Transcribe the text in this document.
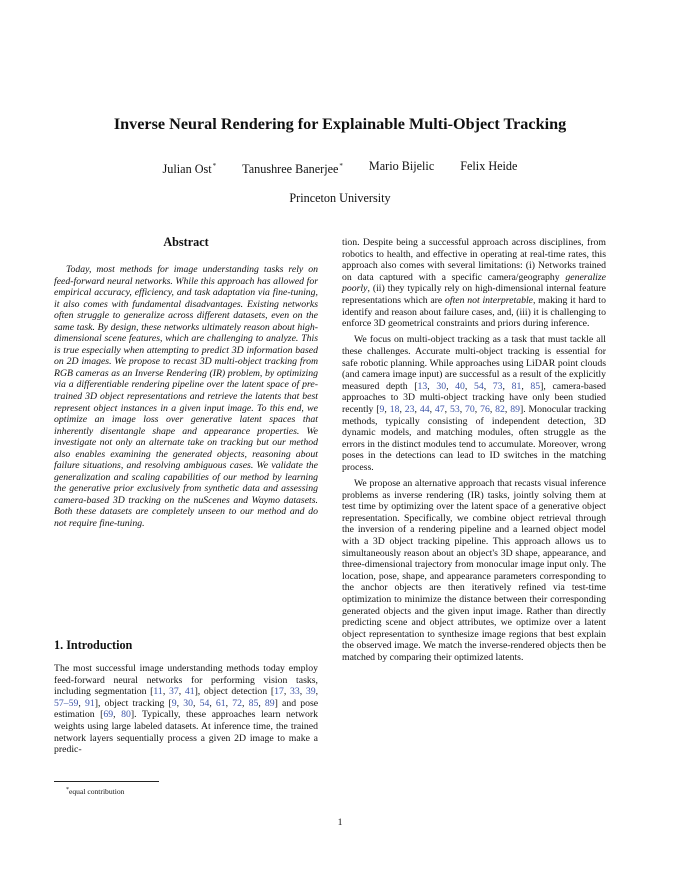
Inverse Neural Rendering for Explainable Multi-Object Tracking
Julian Ost* Tanushree Banerjee* Mario Bijelic Felix Heide
Princeton University
Abstract

Today, most methods for image understanding tasks rely on feed-forward neural networks. While this approach has allowed for empirical accuracy, efficiency, and task adaptation via fine-tuning, it also comes with fundamental disadvantages. Existing networks often struggle to generalize across different datasets, even on the same task. By design, these networks ultimately reason about high-dimensional scene features, which are challenging to analyze. This is true especially when attempting to predict 3D information based on 2D images. We propose to recast 3D multi-object tracking from RGB cameras as an Inverse Rendering (IR) problem, by optimizing via a differentiable rendering pipeline over the latent space of pre-trained 3D object representations and retrieve the latents that best represent object instances in a given input image. To this end, we optimize an image loss over generative latent spaces that inherently disentangle shape and appearance properties. We investigate not only an alternate take on tracking but our method also enables examining the generated objects, reasoning about failure situations, and resolving ambiguous cases. We validate the generalization and scaling capabilities of our method by learning the generative prior exclusively from synthetic data and assessing camera-based 3D tracking on the nuScenes and Waymo datasets. Both these datasets are completely unseen to our method and do not require fine-tuning.

1. Introduction

The most successful image understanding methods today employ feed-forward neural networks for performing vision tasks, including segmentation [11, 37, 41], object detection [17, 33, 39, 57–59, 91], object tracking [9, 30, 54, 61, 72, 85, 89] and pose estimation [69, 80]. Typically, these approaches learn network weights using large labeled datasets. At inference time, the trained network layers sequentially process a given 2D image to make a predic-

*equal contribution

tion. Despite being a successful approach across disciplines, from robotics to health, and effective in operating at real-time rates, this approach also comes with several limitations: (i) Networks trained on data captured with a specific camera/geography generalize poorly, (ii) they typically rely on high-dimensional internal feature representations which are often not interpretable, making it hard to identify and reason about failure cases, and, (iii) it is challenging to enforce 3D geometrical constraints and priors during inference.

We focus on multi-object tracking as a task that must tackle all these challenges. Accurate multi-object tracking is essential for safe robotic planning. While approaches using LiDAR point clouds (and camera image input) are successful as a result of the explicitly measured depth [13, 30, 40, 54, 73, 81, 85], camera-based approaches to 3D multi-object tracking have only been studied recently [9, 18, 23, 44, 47, 53, 70, 76, 82, 89]. Monocular tracking methods, typically consisting of independent detection, 3D dynamic models, and matching modules, often struggle as the errors in the distinct modules tend to accumulate. Moreover, wrong poses in the detections can lead to ID switches in the matching process.

We propose an alternative approach that recasts visual inference problems as inverse rendering (IR) tasks, jointly solving them at test time by optimizing over the latent space of a generative object representation. Specifically, we combine object retrieval through the inversion of a rendering pipeline and a learned object model with a 3D object tracking pipeline. This approach allows us to simultaneously reason about an object's 3D shape, appearance, and three-dimensional trajectory from monocular image input only. The location, pose, shape, and appearance parameters corresponding to the anchor objects are then iteratively refined via test-time optimization to minimize the distance between their corresponding generated objects and the given input image. Rather than directly predicting scene and object attributes, we optimize over a latent object representation to synthesize image regions that best explain the observed image. We match the inverse-rendered objects then be matched by comparing their optimized latents.

1
